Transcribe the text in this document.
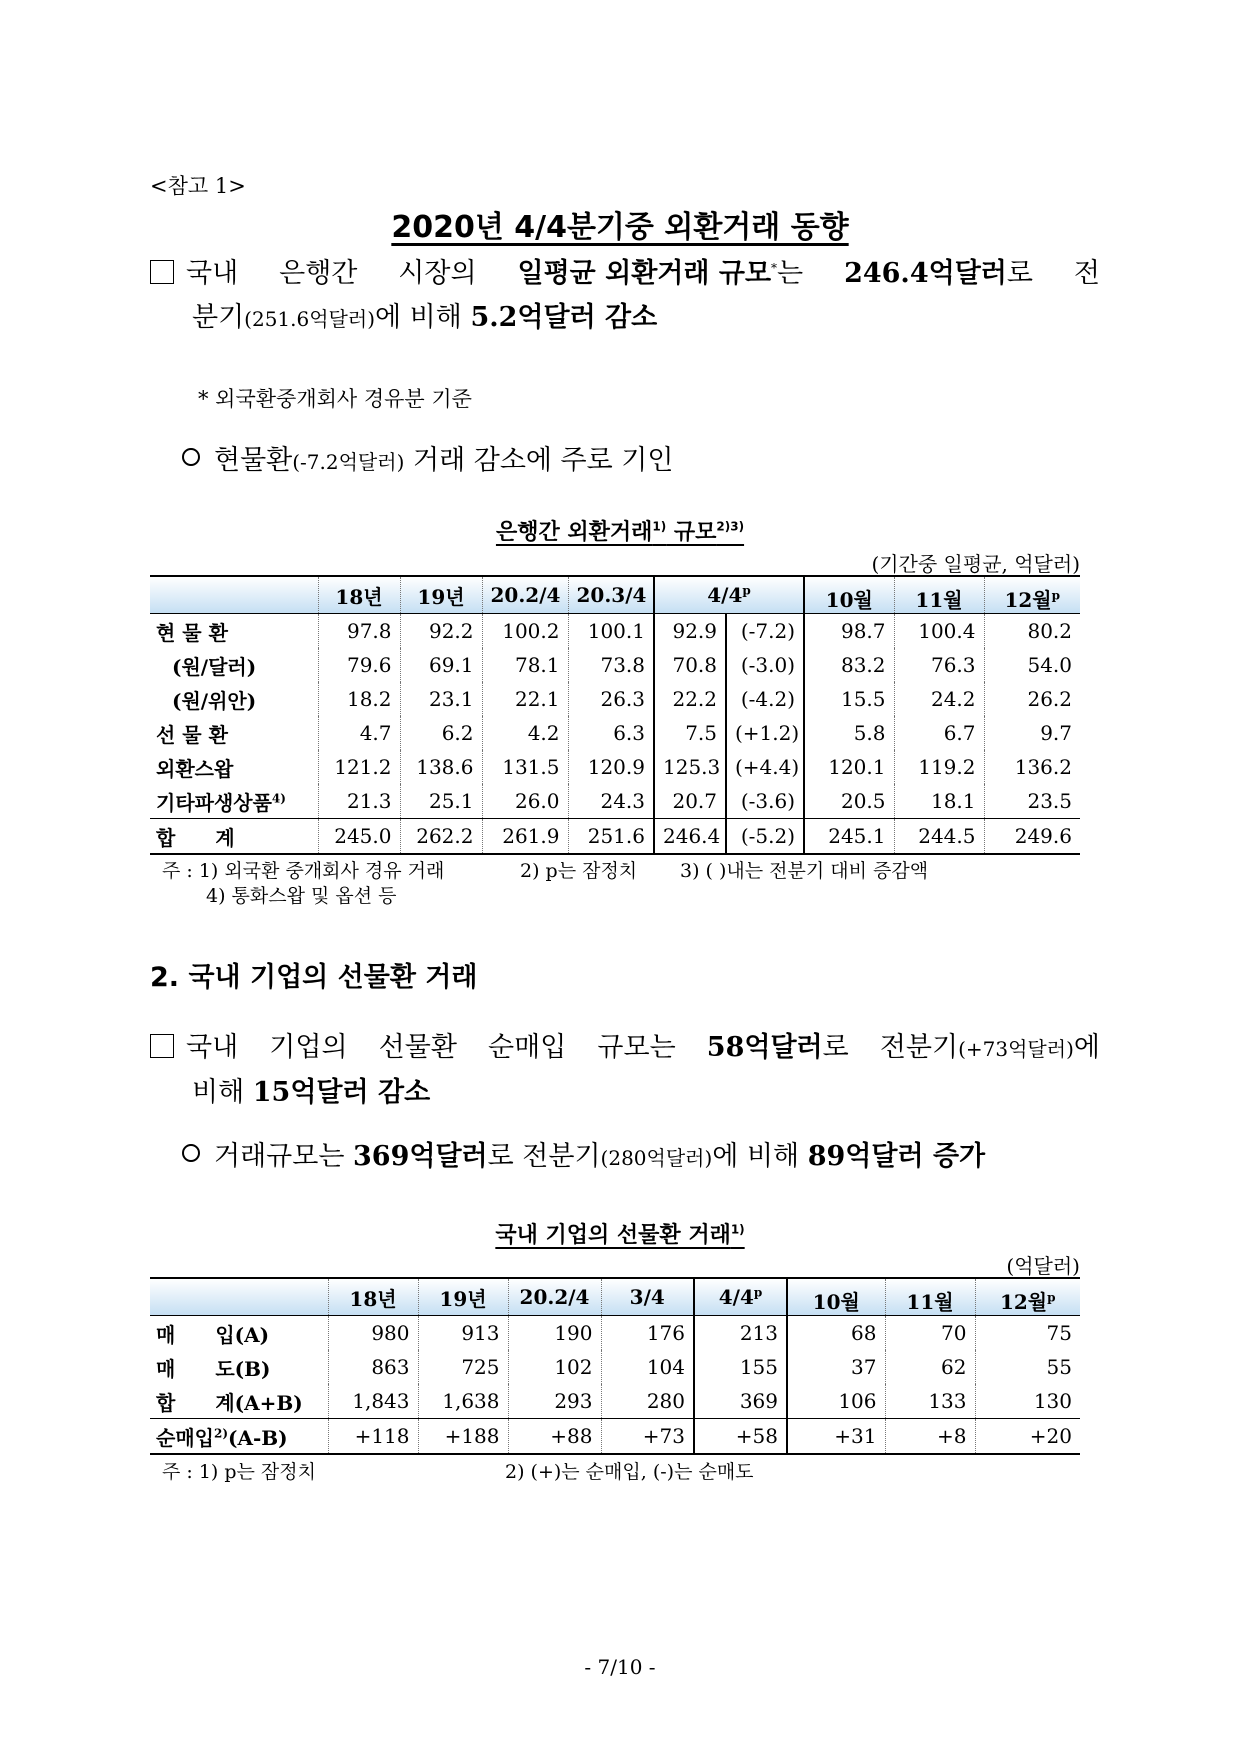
<참고 1>
2020년 4/4분기중 외환거래 동향
국내 은행간 시장의 일평균 외환거래 규모*는 246.4억달러로 전
분기(251.6억달러)에 비해 5.2억달러 감소
* 외국환중개회사 경유분 기준
현물환(-7.2억달러) 거래 감소에 주로 기인
은행간 외환거래$^{1)}$ 규모$^{2)3)}$
(기간중 일평균, 억달러)
	18년	19년	20.2/4	20.3/4	4/4$^p$		10월	11월	12월$^p$
현 물 환	97.8	92.2	100.2	100.1	92.9	(-7.2)	98.7	100.4	80.2
(원/달러)	79.6	69.1	78.1	73.8	70.8	(-3.0)	83.2	76.3	54.0
(원/위안)	18.2	23.1	22.1	26.3	22.2	(-4.2)	15.5	24.2	26.2
선 물 환	4.7	6.2	4.2	6.3	7.5	(+1.2)	5.8	6.7	9.7
외환스왑	121.2	138.6	131.5	120.9	125.3	(+4.4)	120.1	119.2	136.2
기타파생상품$^{4)}$	21.3	25.1	26.0	24.3	20.7	(-3.6)	20.5	18.1	23.5
합　　계	245.0	262.2	261.9	251.6	246.4	(-5.2)	245.1	244.5	249.6
주 : 1) 외국환 중개회사 경유 거래	2) p는 잠정치 3) ( )내는 전분기 대비 증감액
4) 통화스왑 및 옵션 등
2. 국내 기업의 선물환 거래
국내 기업의 선물환 순매입 규모는 58억달러로 전분기(+73억달러)에
비해 15억달러 감소
거래규모는 369억달러로 전분기(280억달러)에 비해 89억달러 증가
국내 기업의 선물환 거래$^{1)}$
(억달러)
	18년	19년	20.2/4	3/4	4/4$^p$	10월	11월	12월$^p$
매　　입(A)	980	913	190	176	213	68	70	75
매　　도(B)	863	725	102	104	155	37	62	55
합　　계(A+B)	1,843	1,638	293	280	369	106	133	130
순매입$^{2)}$(A-B)	+118	+188	+88	+73	+58	+31	+8	+20
주 : 1) p는 잠정치	2) (+)는 순매입, (-)는 순매도
- 7/10 -
